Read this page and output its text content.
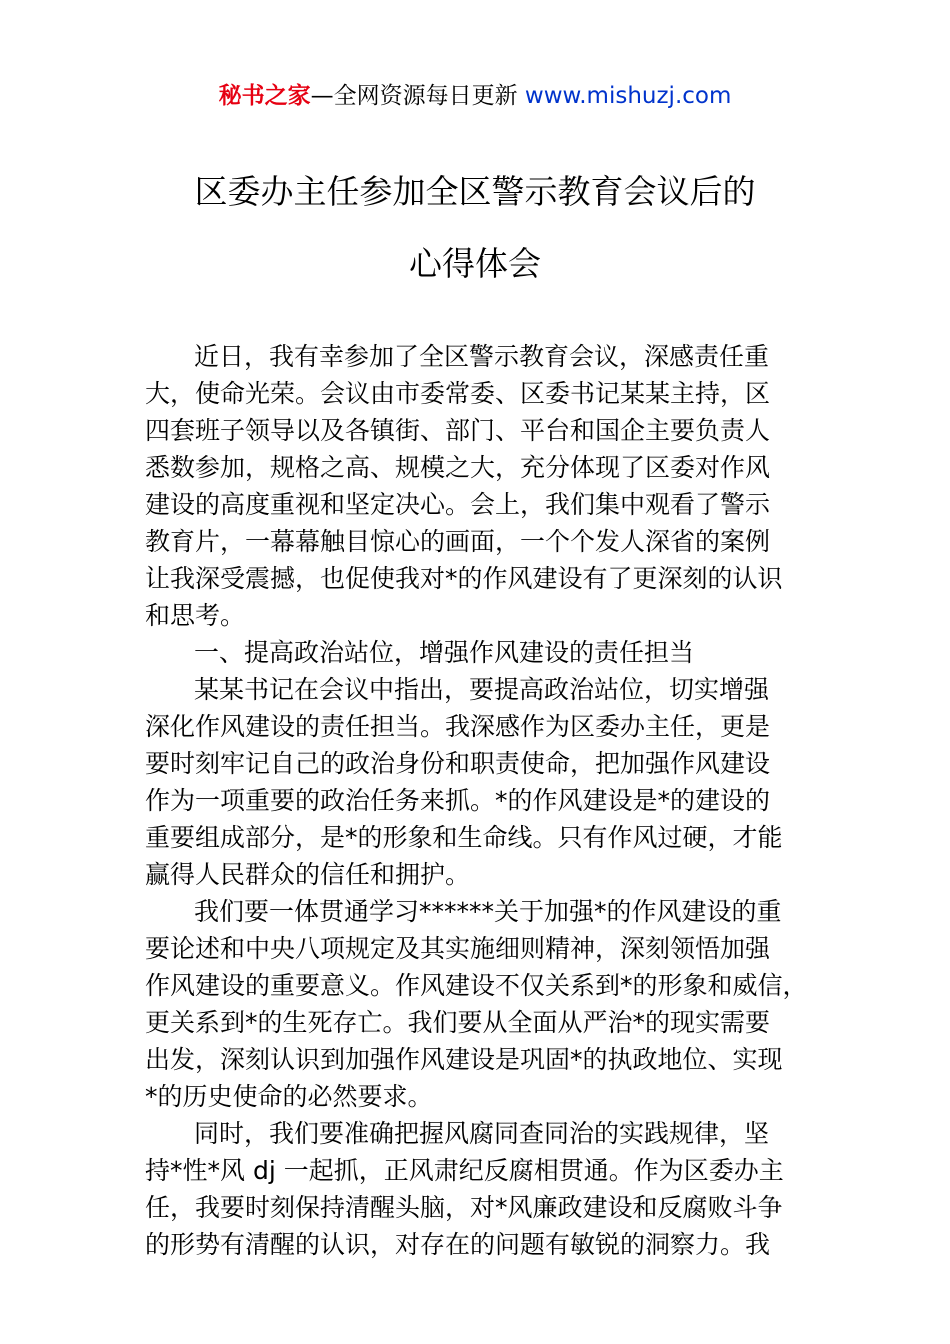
秘书之家—全网资源每日更新 www.mishuzj.com
区委办主任参加全区警示教育会议后的
心得体会
近日，我有幸参加了全区警示教育会议，深感责任重
大，使命光荣。会议由市委常委、区委书记某某主持，区
四套班子领导以及各镇街、部门、平台和国企主要负责人
悉数参加，规格之高、规模之大，充分体现了区委对作风
建设的高度重视和坚定决心。会上，我们集中观看了警示
教育片，一幕幕触目惊心的画面，一个个发人深省的案例
让我深受震撼，也促使我对*的作风建设有了更深刻的认识
和思考。
一、提高政治站位，增强作风建设的责任担当
某某书记在会议中指出，要提高政治站位，切实增强
深化作风建设的责任担当。我深感作为区委办主任，更是
要时刻牢记自己的政治身份和职责使命，把加强作风建设
作为一项重要的政治任务来抓。*的作风建设是*的建设的
重要组成部分，是*的形象和生命线。只有作风过硬，才能
赢得人民群众的信任和拥护。
我们要一体贯通学习******关于加强*的作风建设的重
要论述和中央八项规定及其实施细则精神，深刻领悟加强
作风建设的重要意义。作风建设不仅关系到*的形象和威信，
更关系到*的生死存亡。我们要从全面从严治*的现实需要
出发，深刻认识到加强作风建设是巩固*的执政地位、实现
*的历史使命的必然要求。
同时，我们要准确把握风腐同查同治的实践规律，坚
持*性*风 dj 一起抓，正风肃纪反腐相贯通。作为区委办主
任，我要时刻保持清醒头脑，对*风廉政建设和反腐败斗争
的形势有清醒的认识，对存在的问题有敏锐的洞察力。我
